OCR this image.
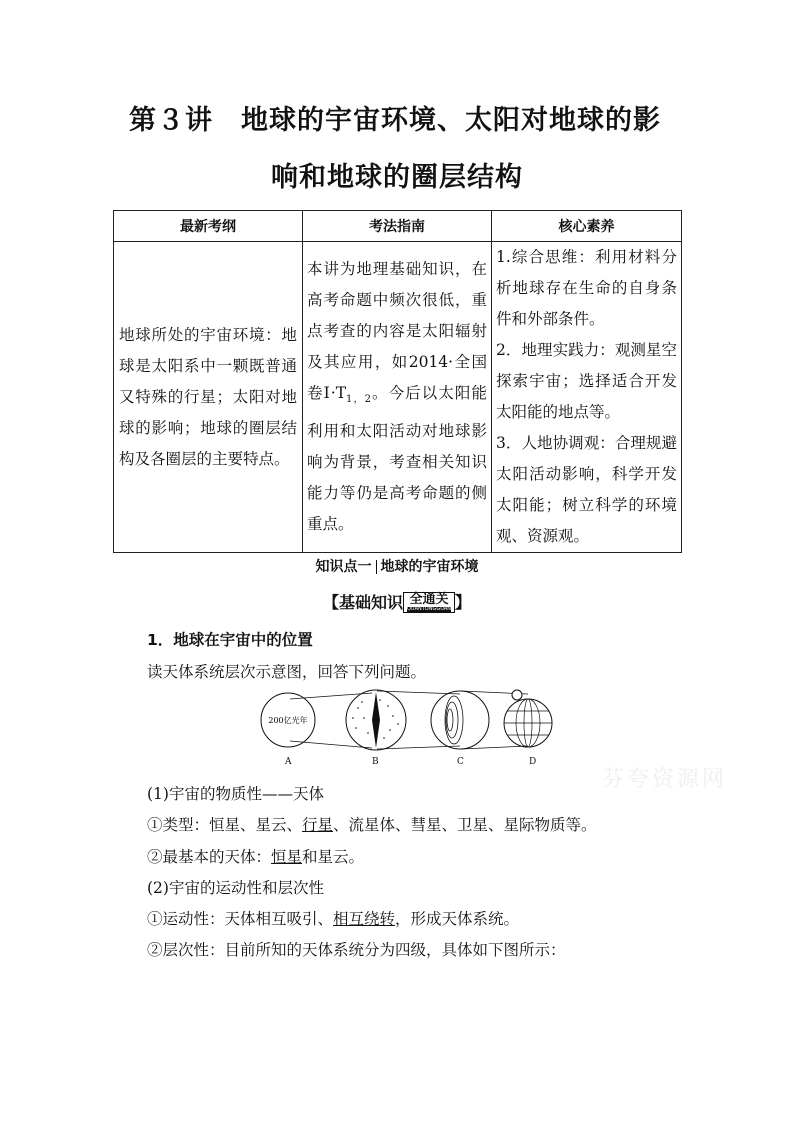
第３讲　地球的宇宙环境、太阳对地球的影
响和地球的圈层结构
最新考纲	考法指南	核心素养
地球所处的宇宙环境：地球是太阳系中一颗既普通又特殊的行星；太阳对地球的影响；地球的圈层结构及各圈层的主要特点。	本讲为地理基础知识，在高考命题中频次很低，重点考查的内容是太阳辐射及其应用，如2014·全国卷$Ⅰ\cdot T_{1,2}$。今后以太阳能利用和太阳活动对地球影响为背景，考查相关知识能力等仍是高考命题的侧重点。	1.综合思维：利用材料分析地球存在生命的自身条件和外部条件。
2．地理实践力：观测星空探索宇宙；选择适合开发太阳能的地点等。
3．人地协调观：合理规避太阳活动影响，科学开发太阳能；树立科学的环境观、资源观。
知识点一 地球的宇宙环境
【基础知识 全通关
QUANTONGGUAN 】
1．地球在宇宙中的位置
读天体系统层次示意图，回答下列问题。
200亿光年
A	B	C	D
芬夸资源网
(1)宇宙的物质性——天体
①类型：恒星、星云、行星、流星体、彗星、卫星、星际物质等。
②最基本的天体：恒星和星云。
(2)宇宙的运动性和层次性
①运动性：天体相互吸引、相互绕转，形成天体系统。
②层次性：目前所知的天体系统分为四级，具体如下图所示：
